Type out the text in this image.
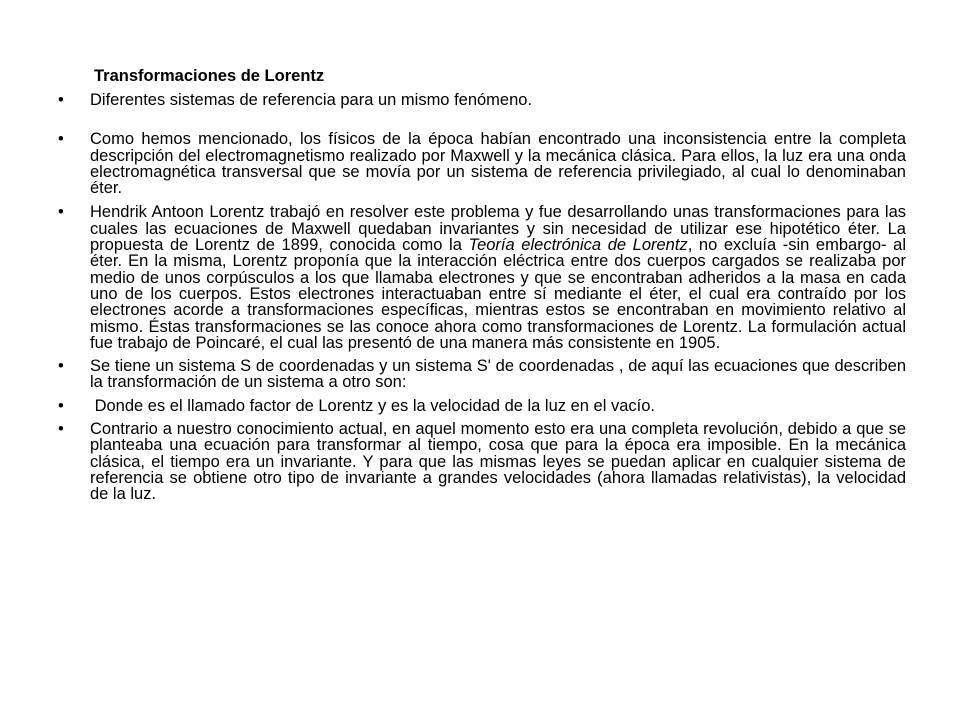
Transformaciones de Lorentz
• Diferentes sistemas de referencia para un mismo fenómeno.
• Como hemos mencionado, los físicos de la época habían encontrado una inconsistencia entre la completa descripción del electromagnetismo realizado por Maxwell y la mecánica clásica. Para ellos, la luz era una onda electromagnética transversal que se movía por un sistema de referencia privilegiado, al cual lo denominaban éter.
• Hendrik Antoon Lorentz trabajó en resolver este problema y fue desarrollando unas transformaciones para las cuales las ecuaciones de Maxwell quedaban invariantes y sin necesidad de utilizar ese hipotético éter. La propuesta de Lorentz de 1899, conocida como la Teoría electrónica de Lorentz, no excluía -sin embargo- al éter. En la misma, Lorentz proponía que la interacción eléctrica entre dos cuerpos cargados se realizaba por medio de unos corpúsculos a los que llamaba electrones y que se encontraban adheridos a la masa en cada uno de los cuerpos. Estos electrones interactuaban entre sí mediante el éter, el cual era contraído por los electrones acorde a transformaciones específicas, mientras estos se encontraban en movimiento relativo al mismo. Éstas transformaciones se las conoce ahora como transformaciones de Lorentz. La formulación actual fue trabajo de Poincaré, el cual las presentó de una manera más consistente en 1905.
• Se tiene un sistema S de coordenadas y un sistema S' de coordenadas , de aquí las ecuaciones que describen la transformación de un sistema a otro son:
• Donde es el llamado factor de Lorentz y es la velocidad de la luz en el vacío.
• Contrario a nuestro conocimiento actual, en aquel momento esto era una completa revolución, debido a que se planteaba una ecuación para transformar al tiempo, cosa que para la época era imposible. En la mecánica clásica, el tiempo era un invariante. Y para que las mismas leyes se puedan aplicar en cualquier sistema de referencia se obtiene otro tipo de invariante a grandes velocidades (ahora llamadas relativistas), la velocidad de la luz.
